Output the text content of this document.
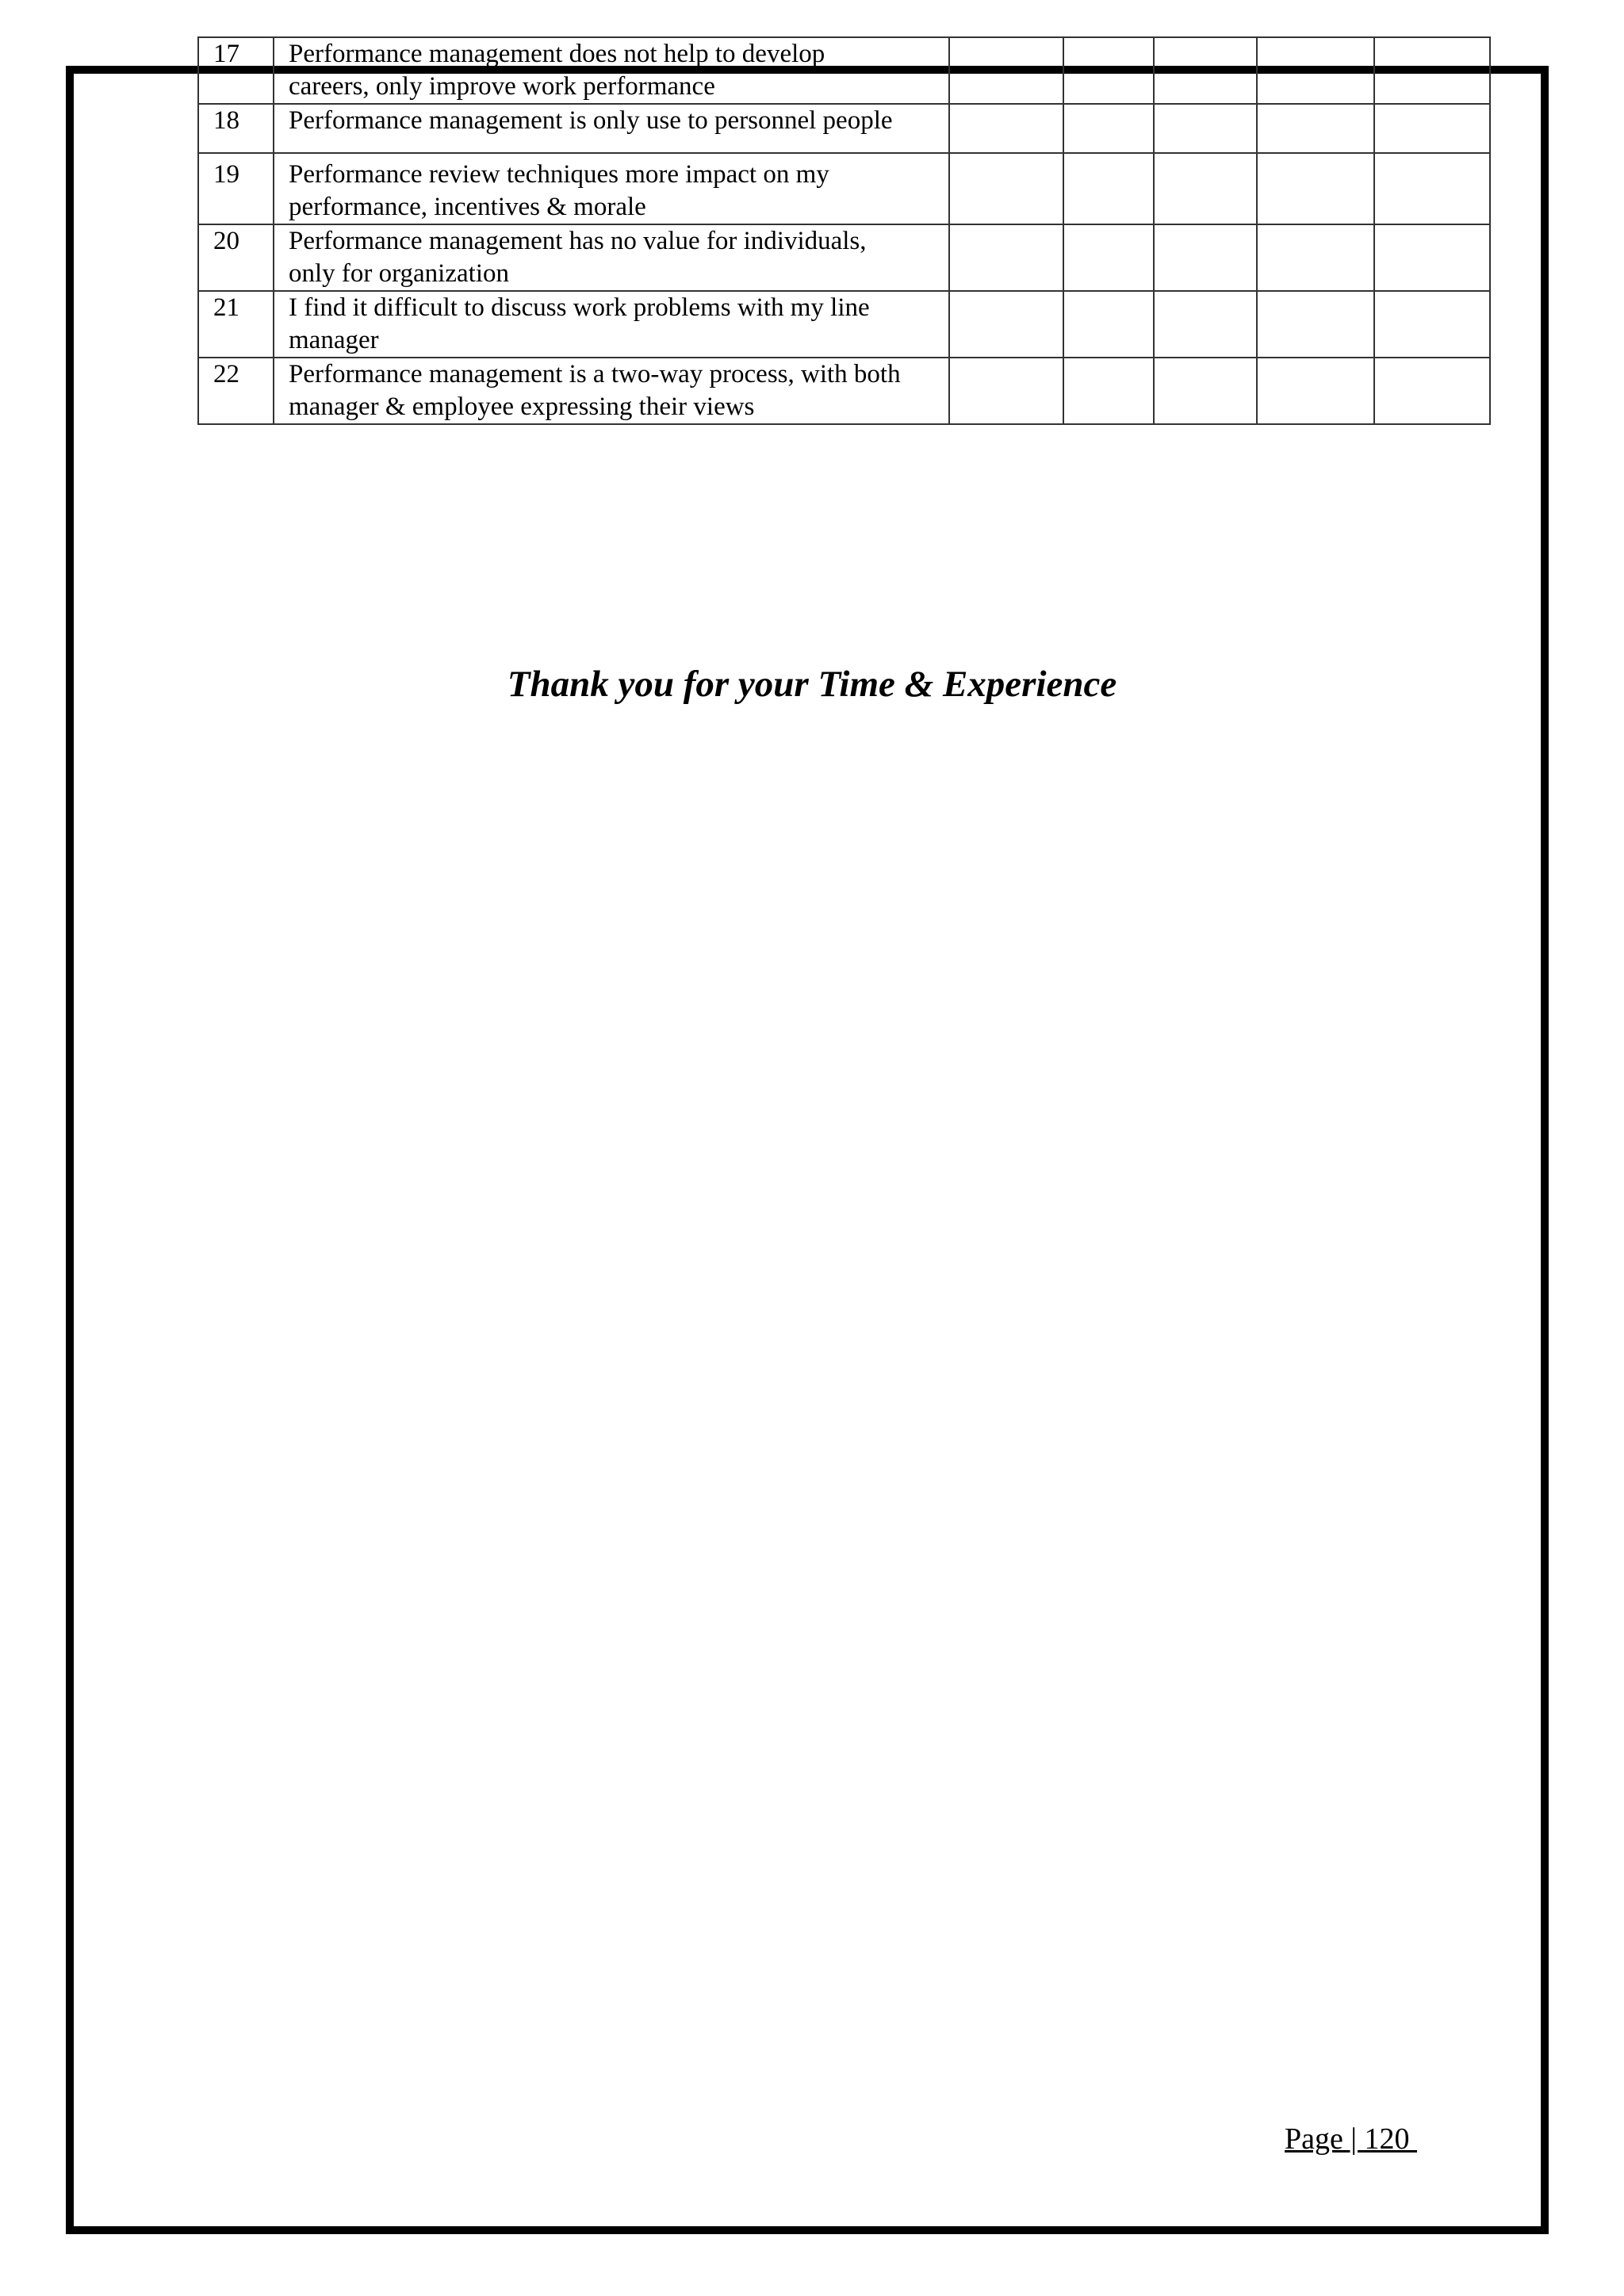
17	Performance management does not help to develop
careers, only improve work performance					
18	Performance management is only use to personnel people					
19	Performance review techniques more impact on my
performance, incentives & morale					
20	Performance management has no value for individuals,
only for organization					
21	I find it difficult to discuss work problems with my line
manager					
22	Performance management is a two-way process, with both
manager & employee expressing their views					
Thank you for your Time & Experience
Page | 120
